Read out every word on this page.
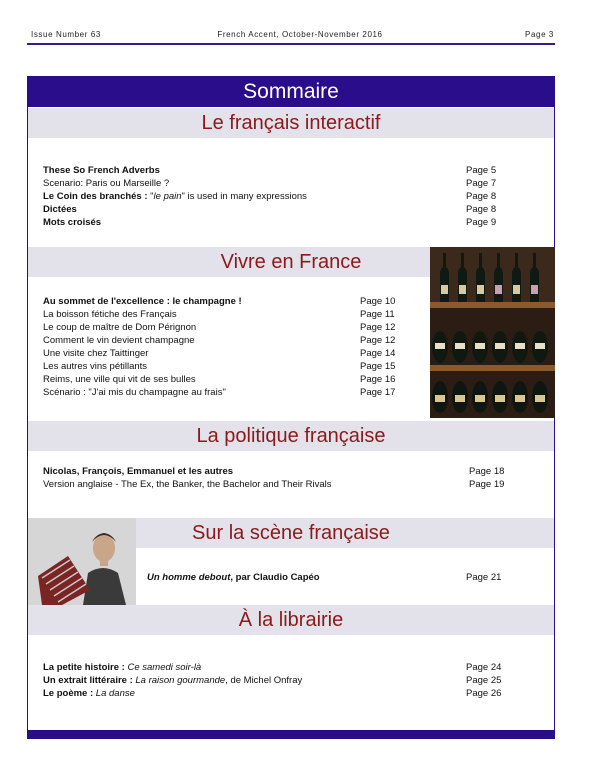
Issue Number 63	French Accent, October-November 2016	Page 3
Sommaire
Le français interactif
Vivre en France
La politique française
Sur la scène française
À la librairie
These So French Adverbs	Page 5
Scenario: Paris ou Marseille ?	Page 7
Le Coin des branchés : "le pain" is used in many expressions	Page 8
Dictées	Page 8
Mots croisés	Page 9
Au sommet de l'excellence : le champagne !	Page 10
La boisson fétiche des Français	Page 11
Le coup de maître de Dom Pérignon	Page 12
Comment le vin devient champagne	Page 12
Une visite chez Taittinger	Page 14
Les autres vins pétillants	Page 15
Reims, une ville qui vit de ses bulles	Page 16
Scénario : "J'ai mis du champagne au frais"	Page 17
Nicolas, François, Emmanuel et les autres	Page 18
Version anglaise - The Ex, the Banker, the Bachelor and Their Rivals	Page 19
Un homme debout, par Claudio Capéo	Page 21
La petite histoire : Ce samedi soir-là	Page 24
Un extrait littéraire : La raison gourmande, de Michel Onfray	Page 25
Le poème : La danse	Page 26
